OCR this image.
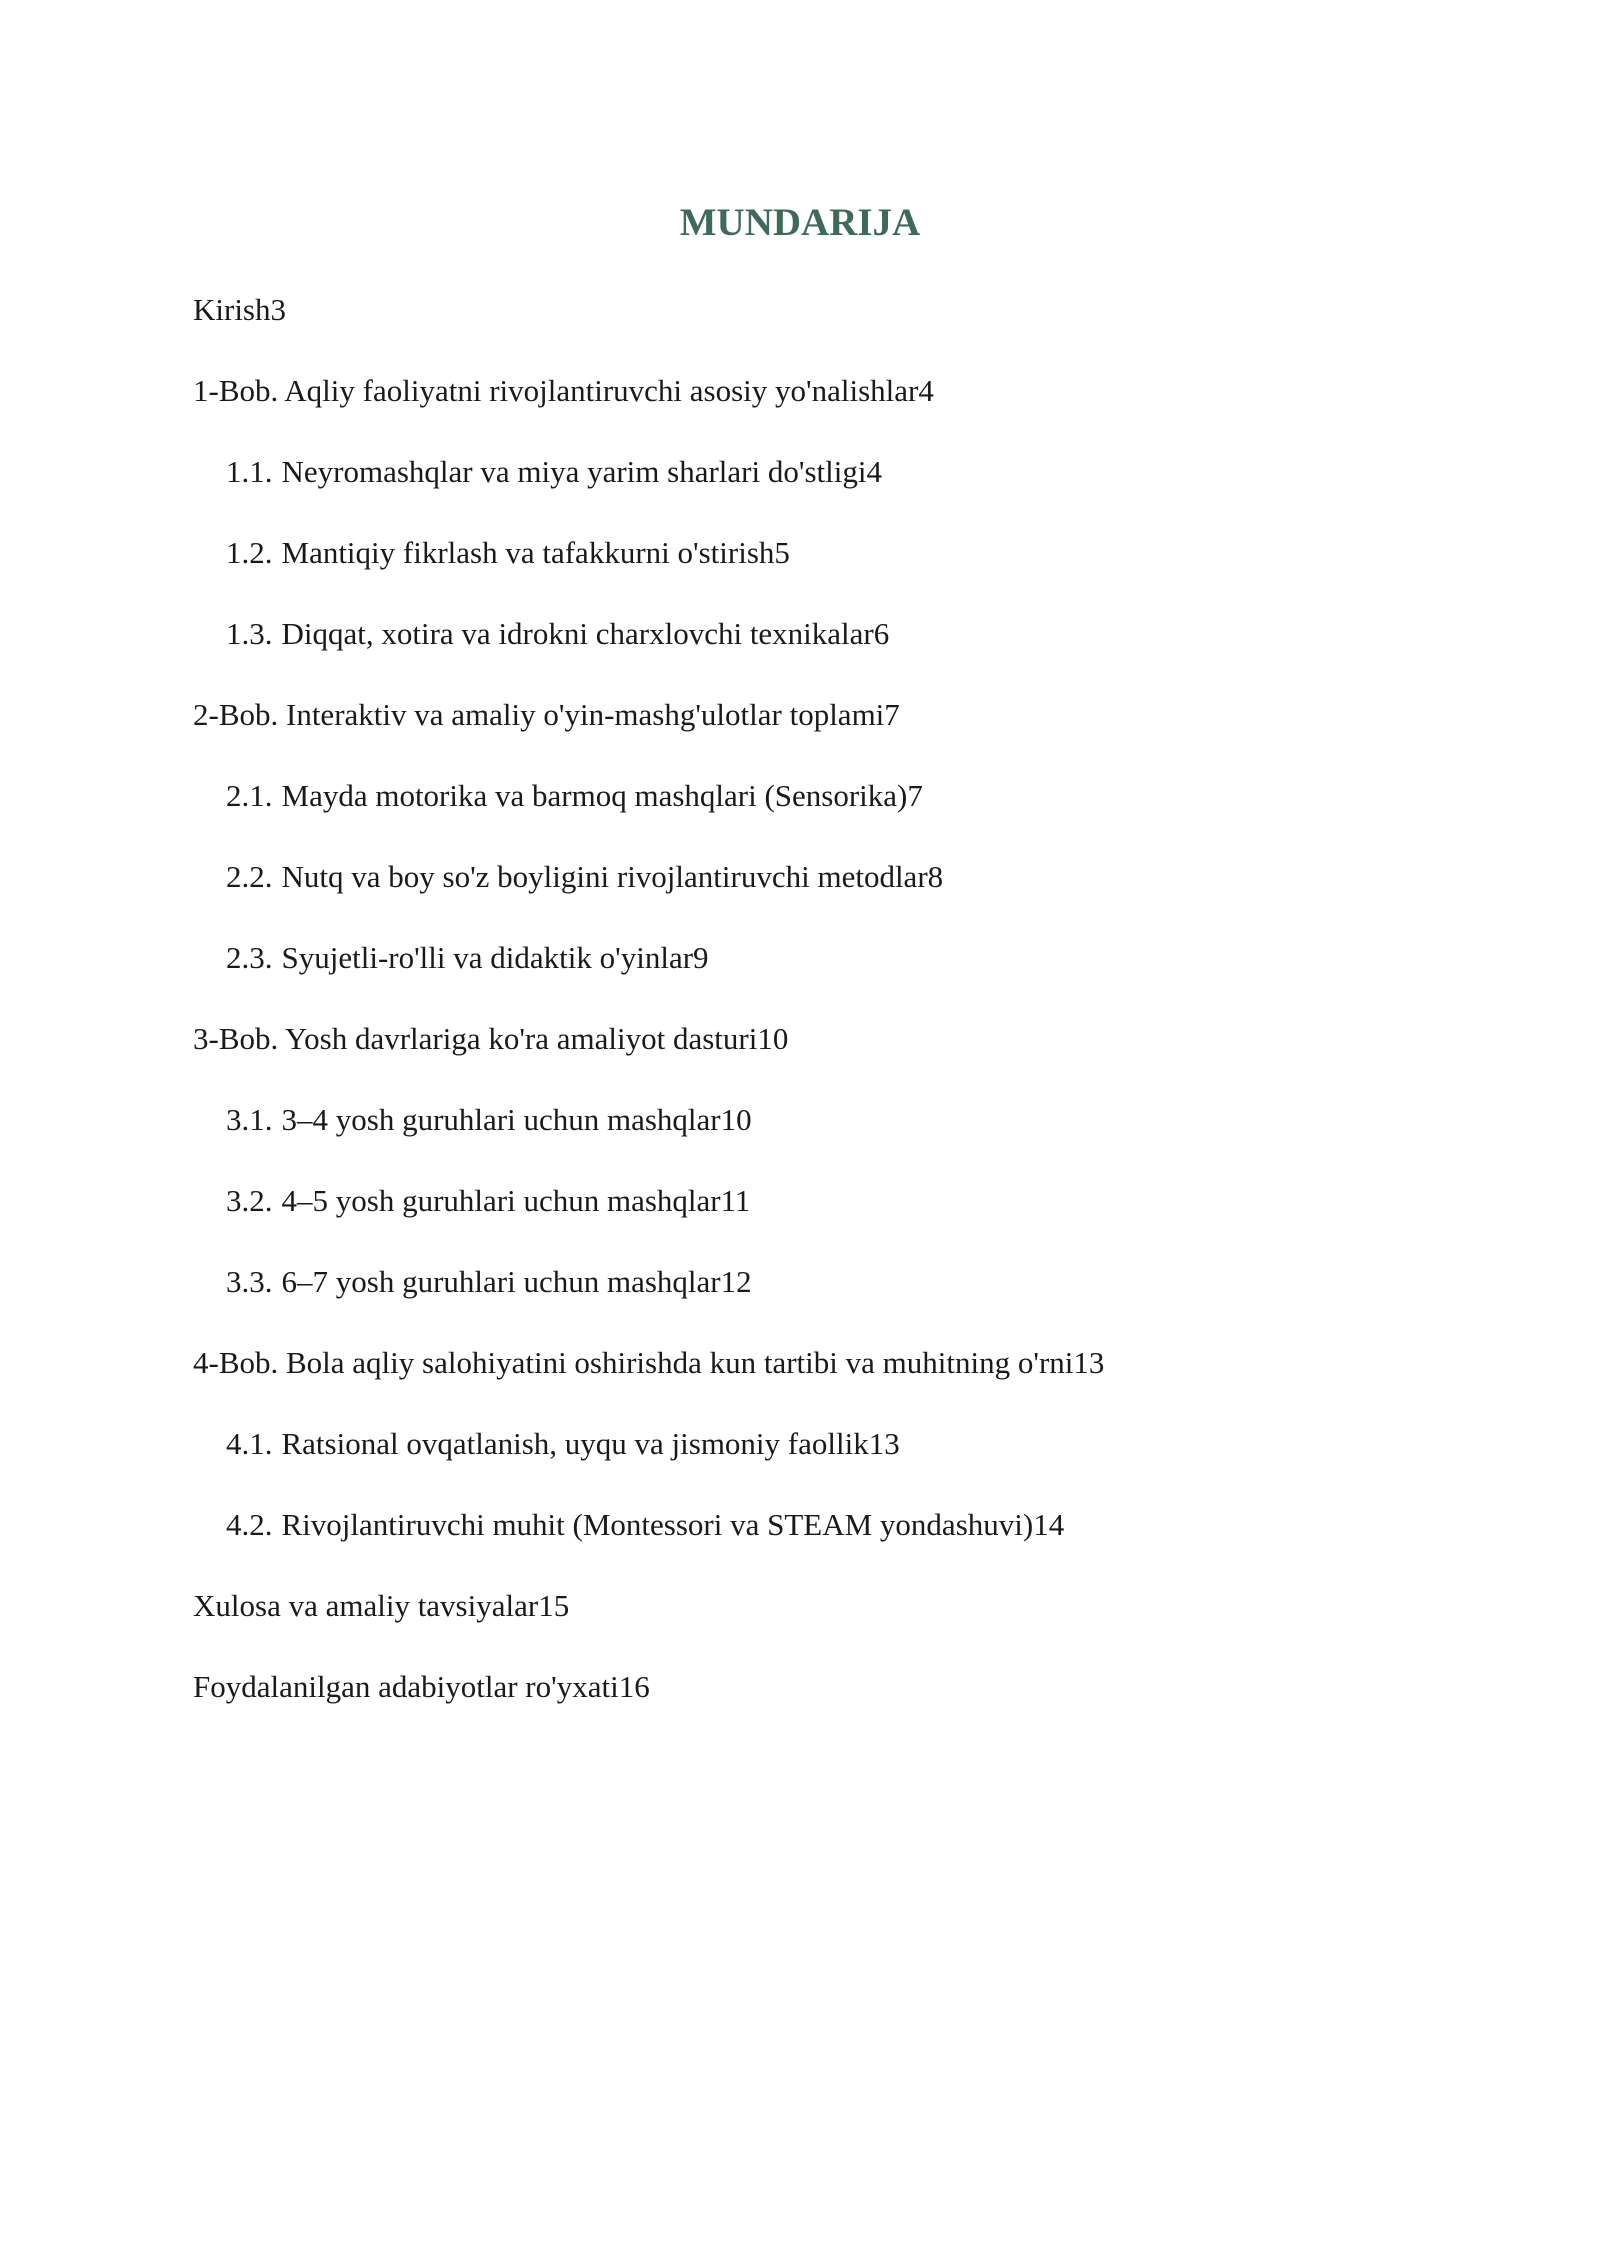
MUNDARIJA
Kirish3
1-Bob. Aqliy faoliyatni rivojlantiruvchi asosiy yo'nalishlar4
1.1. Neyromashqlar va miya yarim sharlari do'stligi4
1.2. Mantiqiy fikrlash va tafakkurni o'stirish5
1.3. Diqqat, xotira va idrokni charxlovchi texnikalar6
2-Bob. Interaktiv va amaliy o'yin-mashg'ulotlar toplami7
2.1. Mayda motorika va barmoq mashqlari (Sensorika)7
2.2. Nutq va boy so'z boyligini rivojlantiruvchi metodlar8
2.3. Syujetli-ro'lli va didaktik o'yinlar9
3-Bob. Yosh davrlariga ko'ra amaliyot dasturi10
3.1. 3–4 yosh guruhlari uchun mashqlar10
3.2. 4–5 yosh guruhlari uchun mashqlar11
3.3. 6–7 yosh guruhlari uchun mashqlar12
4-Bob. Bola aqliy salohiyatini oshirishda kun tartibi va muhitning o'rni13
4.1. Ratsional ovqatlanish, uyqu va jismoniy faollik13
4.2. Rivojlantiruvchi muhit (Montessori va STEAM yondashuvi)14
Xulosa va amaliy tavsiyalar15
Foydalanilgan adabiyotlar ro'yxati16
